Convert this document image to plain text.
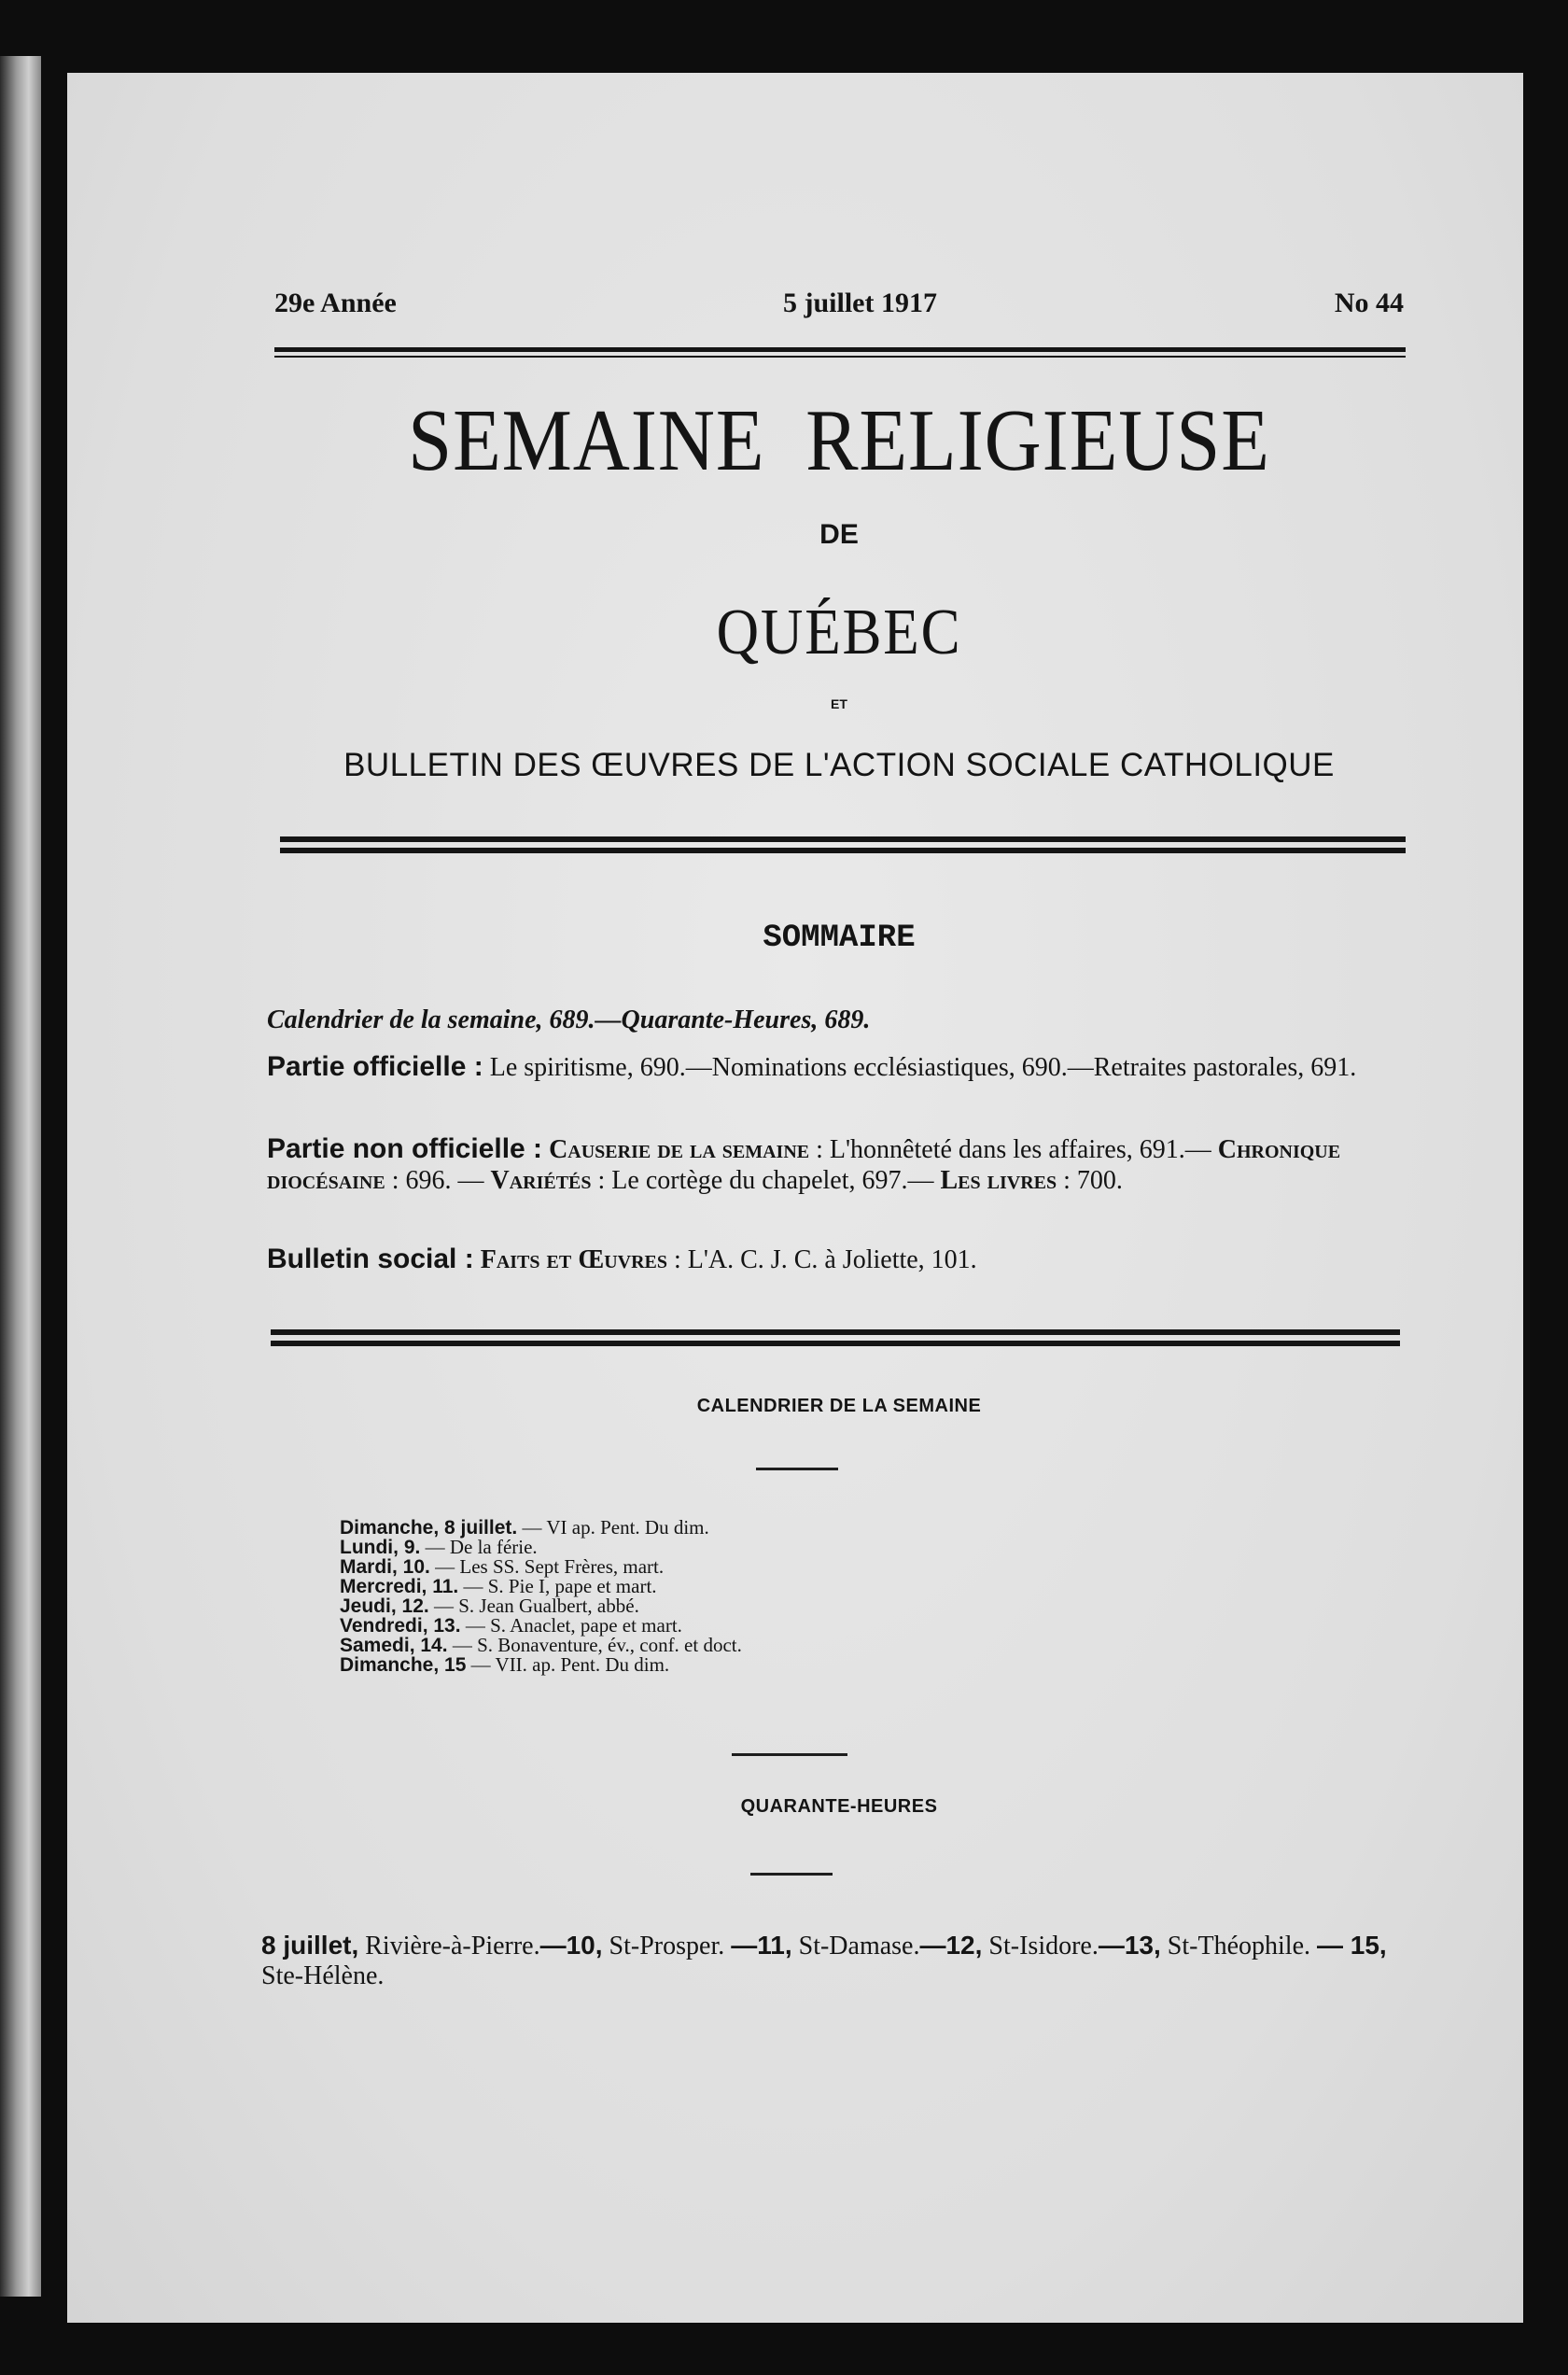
29e Année	5 juillet 1917	No 44
SEMAINE RELIGIEUSE
DE
QUÉBEC
ET
BULLETIN DES ŒUVRES DE L'ACTION SOCIALE CATHOLIQUE
SOMMAIRE
Calendrier de la semaine, 689.—Quarante-Heures, 689.
Partie officielle : Le spiritisme, 690.—Nominations ecclésiastiques, 690.—Retraites pastorales, 691.
Partie non officielle : Causerie de la semaine : L'honnêteté dans les affaires, 691.— Chronique diocésaine : 696. — Variétés : Le cortège du chapelet, 697.— Les livres : 700.
Bulletin social : Faits et Œuvres : L'A. C. J. C. à Joliette, 101.
CALENDRIER DE LA SEMAINE
Dimanche, 8 juillet. — VI ap. Pent. Du dim.
Lundi, 9. — De la férie.
Mardi, 10. — Les SS. Sept Frères, mart.
Mercredi, 11. — S. Pie I, pape et mart.
Jeudi, 12. — S. Jean Gualbert, abbé.
Vendredi, 13. — S. Anaclet, pape et mart.
Samedi, 14. — S. Bonaventure, év., conf. et doct.
Dimanche, 15 — VII. ap. Pent. Du dim.
QUARANTE-HEURES
8 juillet, Rivière-à-Pierre.—10, St-Prosper. —11, St-Damase.—12, St-Isidore.—13, St-Théophile. — 15, Ste-Hélène.
